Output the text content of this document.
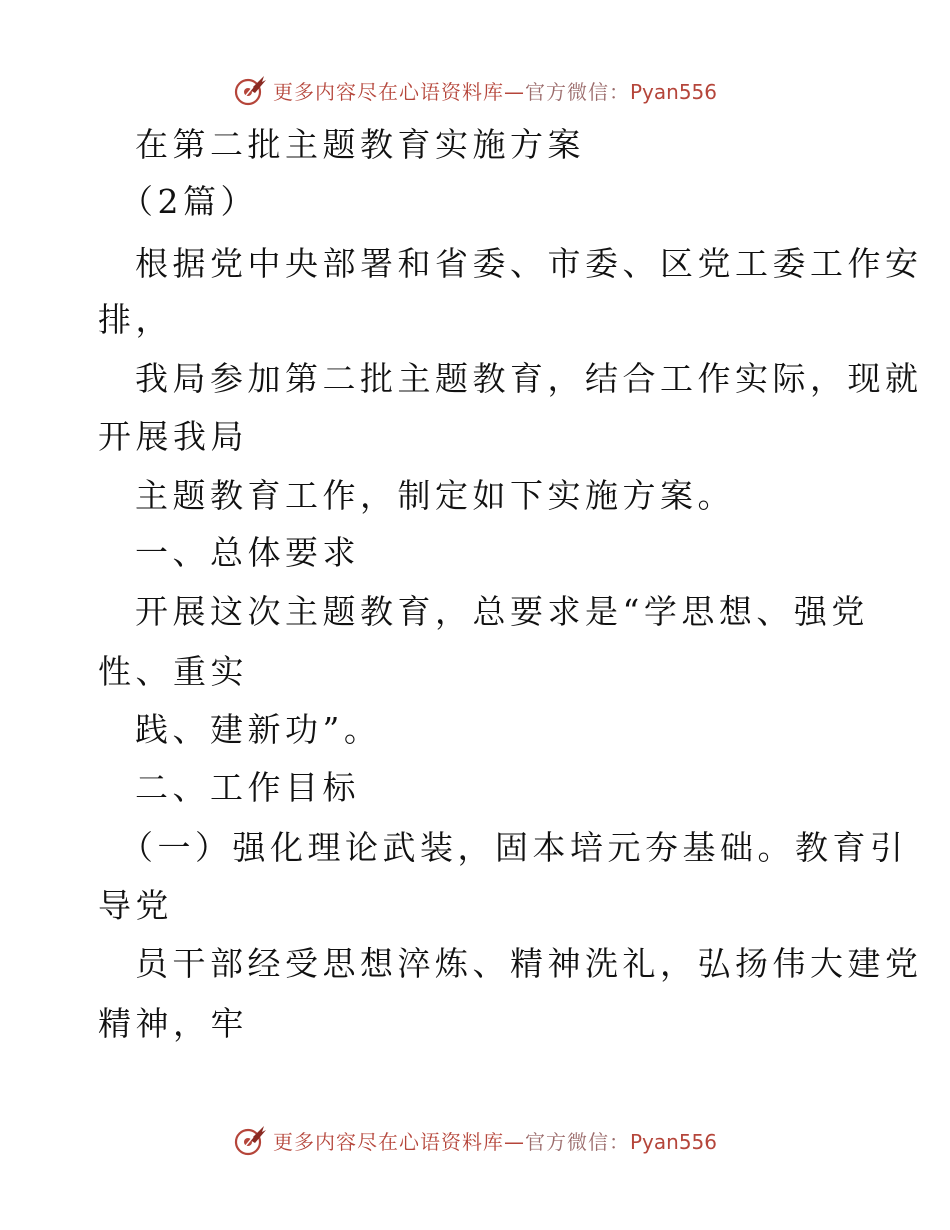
更多内容尽在心语资料库—官方微信：Pyan556
在第二批主题教育实施方案
（2篇）
根据党中央部署和省委、市委、区党工委工作安
排，
我局参加第二批主题教育，结合工作实际，现就
开展我局
主题教育工作，制定如下实施方案。
一、总体要求
开展这次主题教育，总要求是“学思想、强党
性、重实
践、建新功”。
二、工作目标
（一）强化理论武装，固本培元夯基础。教育引
导党
员干部经受思想淬炼、精神洗礼，弘扬伟大建党
精神，牢
更多内容尽在心语资料库—官方微信：Pyan556
